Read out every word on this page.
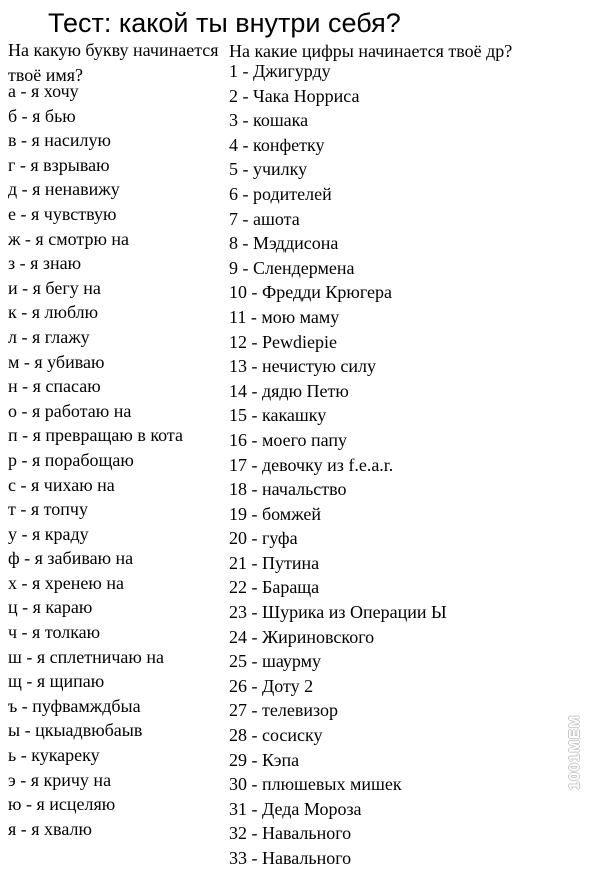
Тест: какой ты внутри себя?
На какую букву начинается твоё имя?
а - я хочу
б - я бью
в - я насилую
г - я взрываю
д - я ненавижу
е - я чувствую
ж - я смотрю на
з - я знаю
и - я бегу на
к - я люблю
л - я глажу
м - я убиваю
н - я спасаю
о - я работаю на
п - я превращаю в кота
р - я порабощаю
с - я чихаю на
т - я топчу
у - я краду
ф - я забиваю на
х - я хренею на
ц - я караю
ч - я толкаю
ш - я сплетничаю на
щ - я щипаю
ъ - пуфвамждбыа
ы - цкыадвюбаыв
ь - кукареку
э - я кричу на
ю - я исцеляю
я - я хвалю
На какие цифры начинается твоё др?
1 - Джигурду
2 - Чака Норриса
3 - кошака
4 - конфетку
5 - училку
6 - родителей
7 - ашота
8 - Мэддисона
9 - Слендермена
10 - Фредди Крюгера
11 - мою маму
12 - Pewdiepie
13 - нечистую силу
14 - дядю Петю
15 - какашку
16 - моего папу
17 - девочку из f.e.a.r.
18 - начальство
19 - бомжей
20 - гуфа
21 - Путина
22 - Бараща
23 - Шурика из Операции Ы
24 - Жириновского
25 - шаурму
26 - Доту 2
27 - телевизор
28 - сосиску
29 - Кэпа
30 - плюшевых мишек
31 - Деда Мороза
32 - Навального
33 - Навального
1001MEM
